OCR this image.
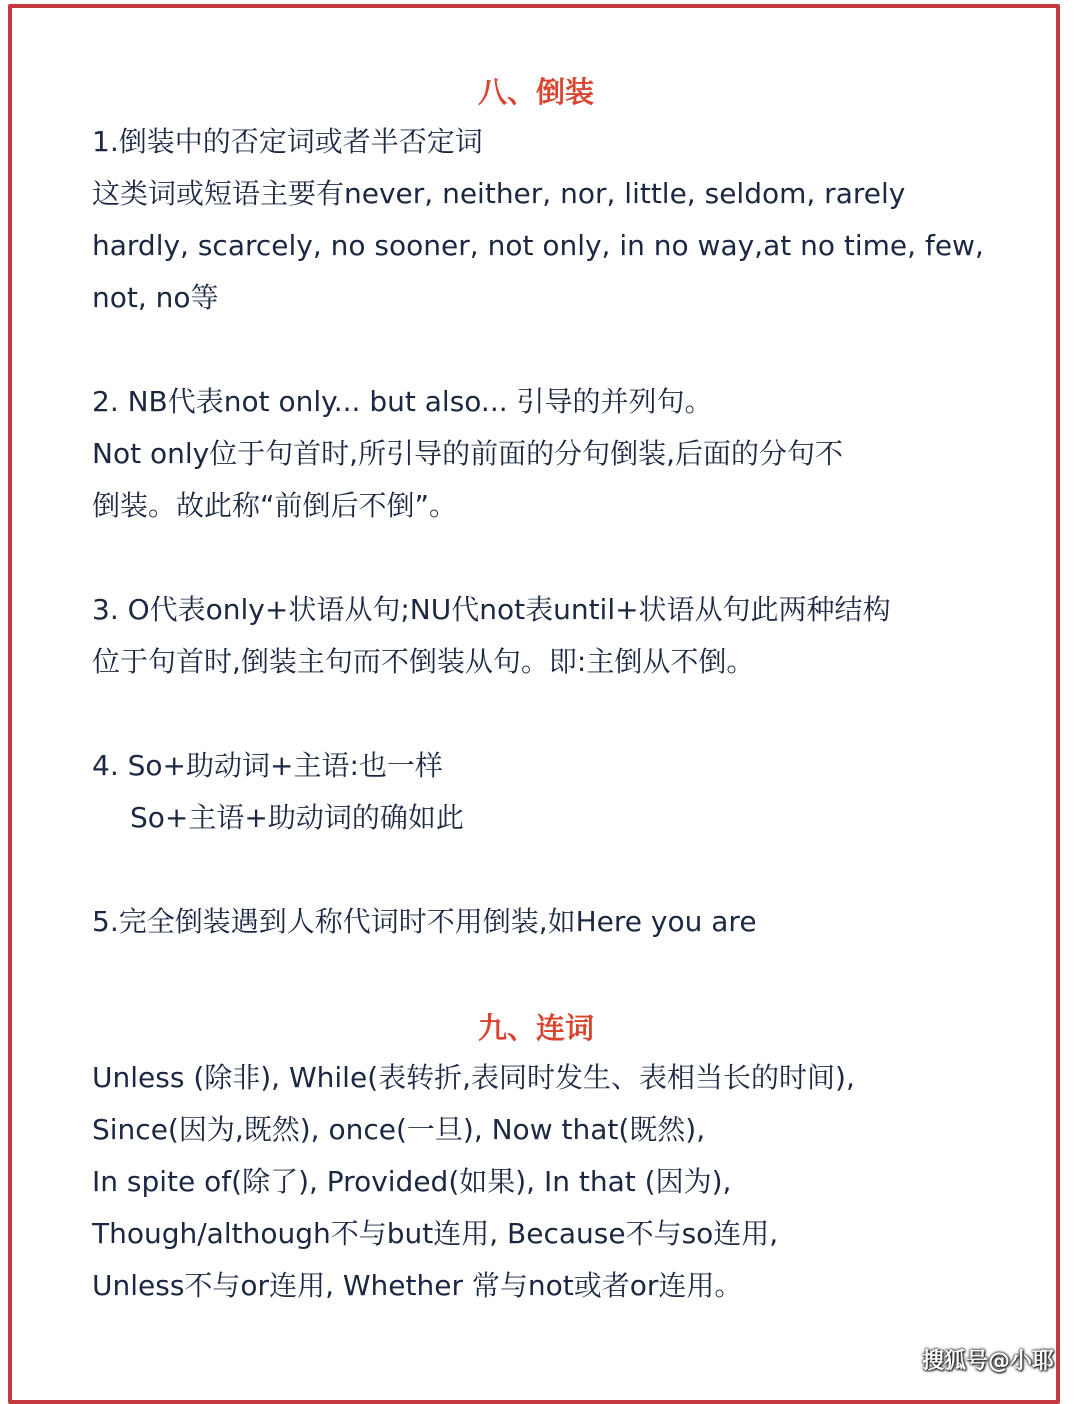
八、倒装
1.倒装中的否定词或者半否定词
这类词或短语主要有never, neither, nor, little, seldom, rarely
hardly, scarcely, no sooner, not only, in no way,at no time, few,
not, no等
2. NB代表not only... but also... 引导的并列句。
Not only位于句首时,所引导的前面的分句倒装,后面的分句不
倒装。故此称“前倒后不倒”。
3. O代表only+状语从句;NU代not表until+状语从句此两种结构
位于句首时,倒装主句而不倒装从句。即:主倒从不倒。
4. So+助动词+主语:也一样
So+主语+助动词的确如此
5.完全倒装遇到人称代词时不用倒装,如Here you are
九、连词
Unless (除非), While(表转折,表同时发生、表相当长的时间),
Since(因为,既然), once(一旦), Now that(既然),
In spite of(除了), Provided(如果), In that (因为),
Though/although不与but连用, Because不与so连用,
Unless不与or连用, Whether 常与not或者or连用。
搜狐号@小耶
